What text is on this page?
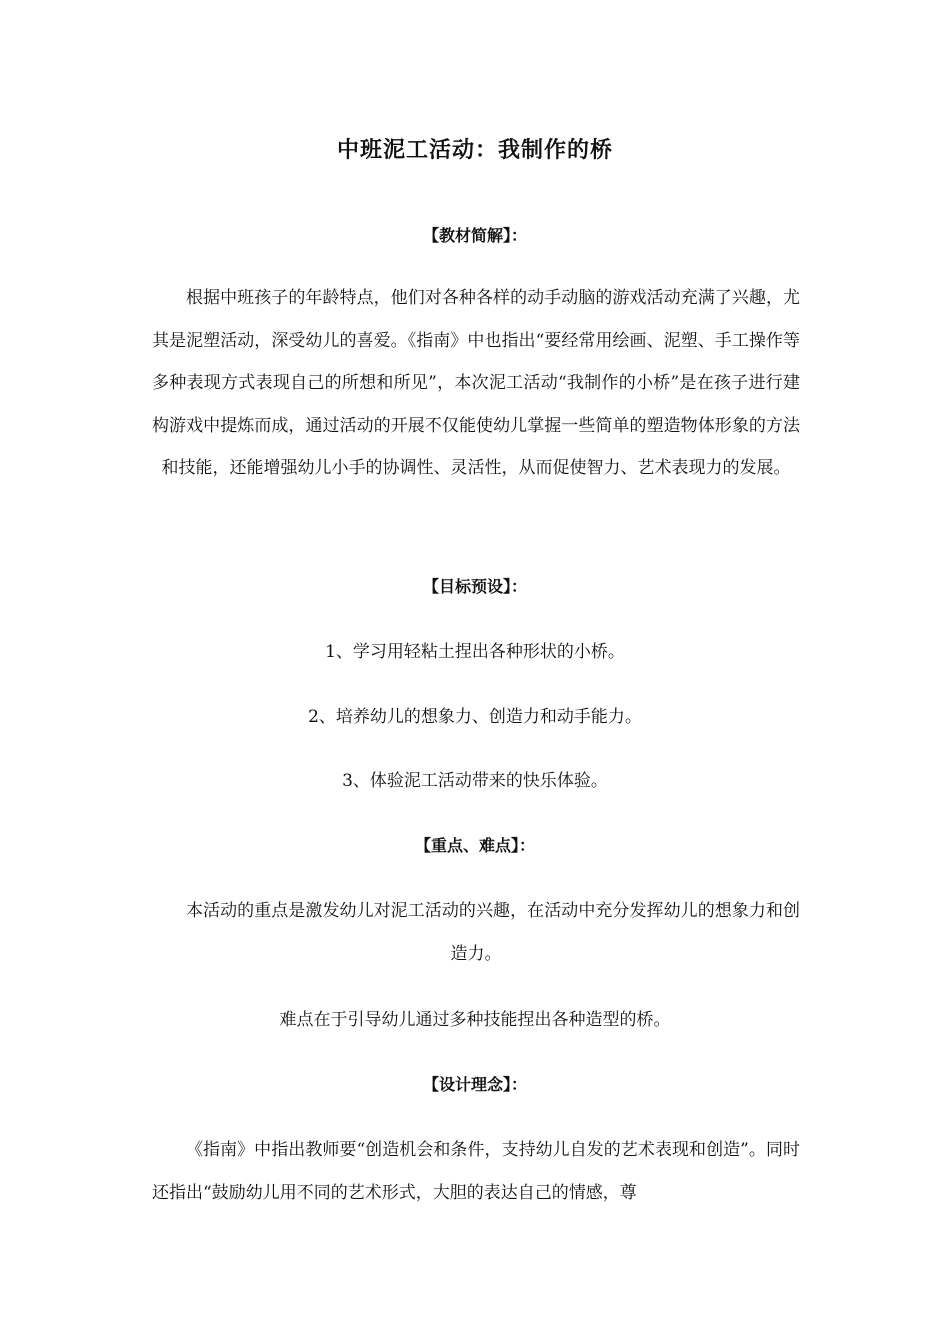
中班泥工活动：我制作的桥
【教材简解】：

根据中班孩子的年龄特点，他们对各种各样的动手动脑的游戏活动充满了兴趣，尤其是泥塑活动，深受幼儿的喜爱。《指南》中也指出“要经常用绘画、泥塑、手工操作等多种表现方式表现自己的所想和所见”，本次泥工活动“我制作的小桥”是在孩子进行建构游戏中提炼而成，通过活动的开展不仅能使幼儿掌握一些简单的塑造物体形象的方法和技能，还能增强幼儿小手的协调性、灵活性，从而促使智力、艺术表现力的发展。

【目标预设】：

1、学习用轻粘土捏出各种形状的小桥。

2、培养幼儿的想象力、创造力和动手能力。

3、体验泥工活动带来的快乐体验。

【重点、难点】：

本活动的重点是激发幼儿对泥工活动的兴趣，在活动中充分发挥幼儿的想象力和创造力。

难点在于引导幼儿通过多种技能捏出各种造型的桥。

【设计理念】：

《指南》中指出教师要“创造机会和条件，支持幼儿自发的艺术表现和创造”。同时还指出“鼓励幼儿用不同的艺术形式，大胆的表达自己的情感，尊
